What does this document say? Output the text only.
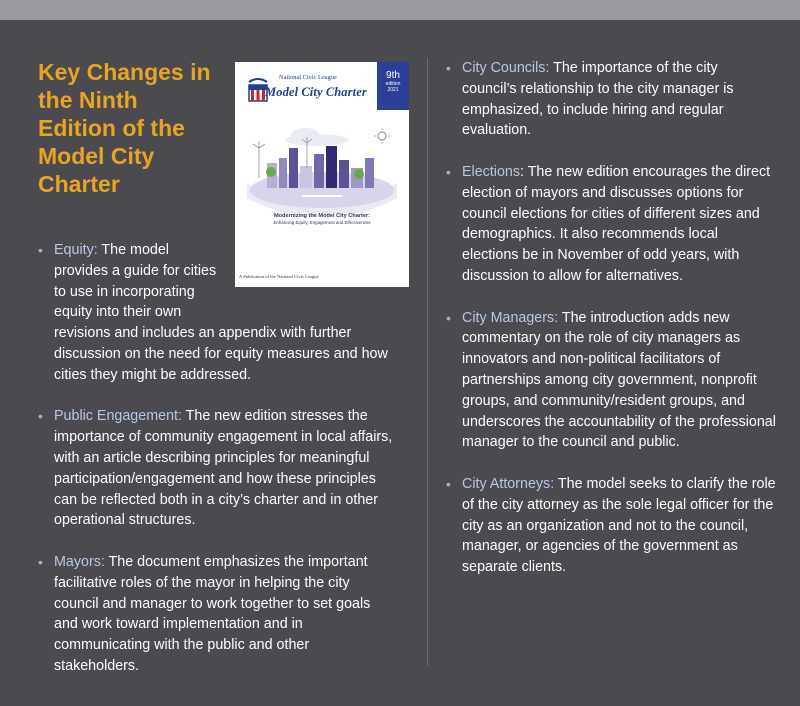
Key Changes in the Ninth Edition of the Model City Charter
• Equity: The model provides a guide for cities to use in incorporating equity into their own revisions and includes an appendix with further discussion on the need for equity measures and how cities they might be addressed.
• Public Engagement: The new edition stresses the importance of community engagement in local affairs, with an article describing principles for meaningful participation/engagement and how these principles can be reflected both in a city’s charter and in other operational structures.
• Mayors: The document emphasizes the important facilitative roles of the mayor in helping the city council and manager to work together to set goals and work toward implementation and in communicating with the public and other stakeholders.
National Civic League
Model City Charter
9th
edition
2021
Modernizing the Model City Charter:
Enhancing Equity, Engagement and Effectiveness
A Publication of the National Civic League
• City Councils: The importance of the city council’s relationship to the city manager is emphasized, to include hiring and regular evaluation.
• Elections: The new edition encourages the direct election of mayors and discusses options for council elections for cities of different sizes and demographics. It also recommends local elections be in November of odd years, with discussion to allow for alternatives.
• City Managers: The introduction adds new commentary on the role of city managers as innovators and non-political facilitators of partnerships among city government, nonprofit groups, and community/resident groups, and underscores the accountability of the professional manager to the council and public.
• City Attorneys: The model seeks to clarify the role of the city attorney as the sole legal officer for the city as an organization and not to the council, manager, or agencies of the government as separate clients.
